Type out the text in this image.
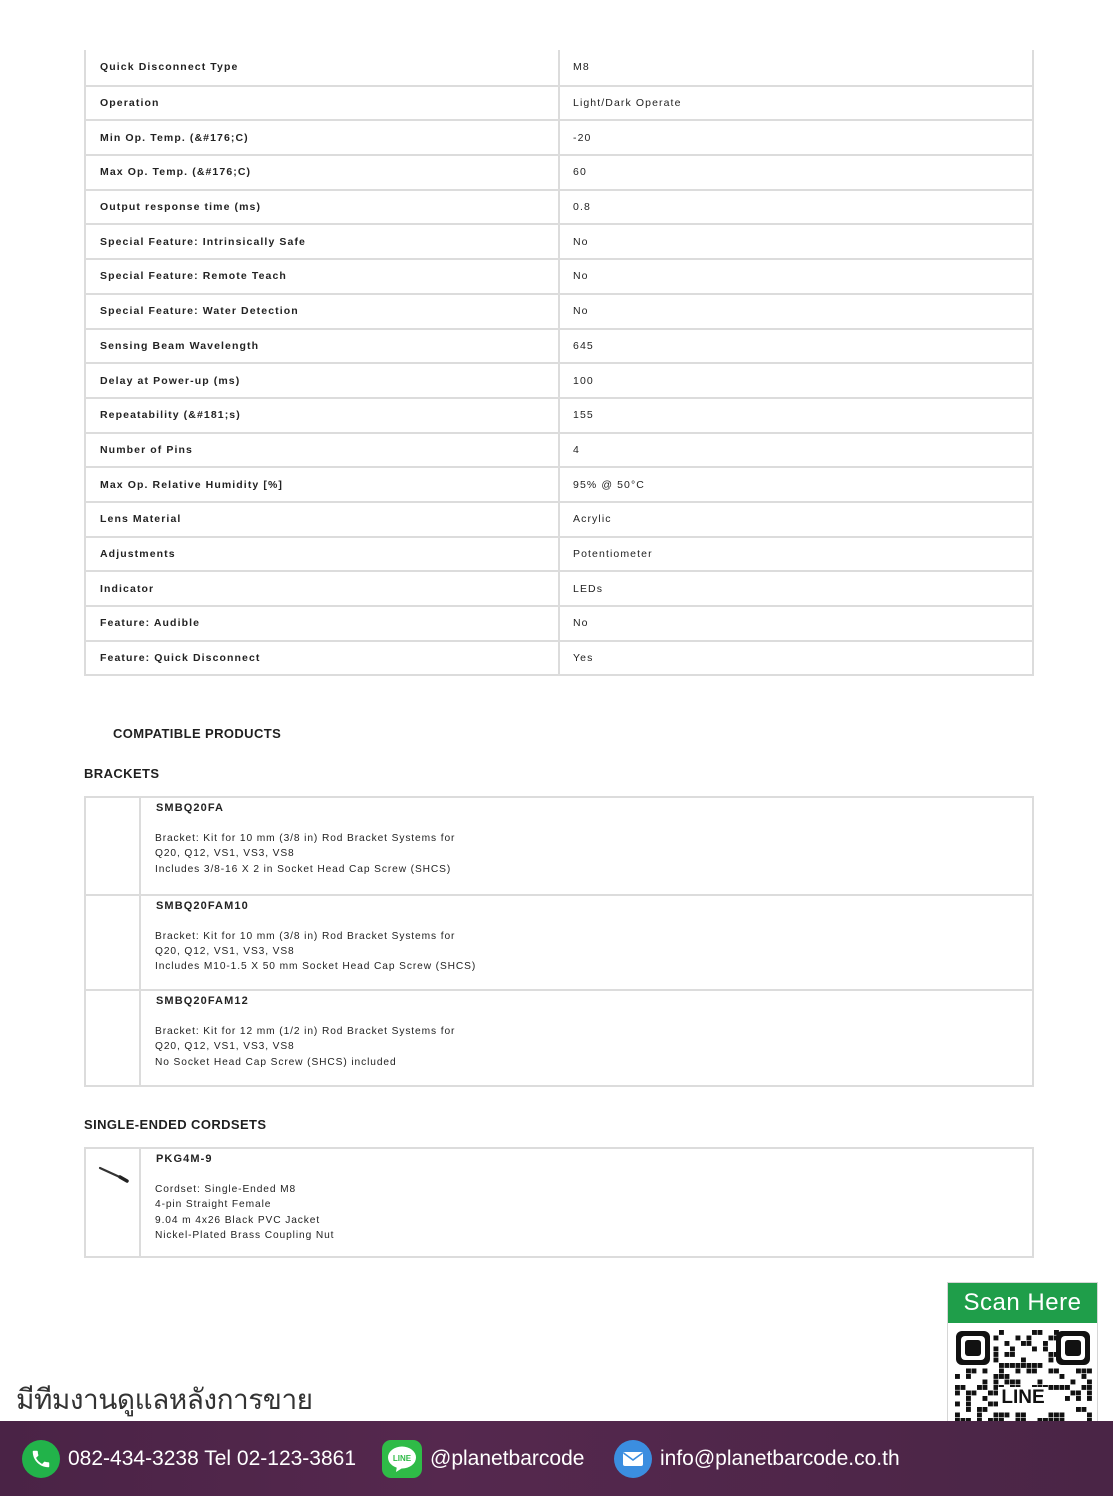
Quick Disconnect Type	M8
Operation	Light/Dark Operate
Min Op. Temp. (&#176;C)	-20
Max Op. Temp. (&#176;C)	60
Output response time (ms)	0.8
Special Feature: Intrinsically Safe	No
Special Feature: Remote Teach	No
Special Feature: Water Detection	No
Sensing Beam Wavelength	645
Delay at Power-up (ms)	100
Repeatability (&#181;s)	155
Number of Pins	4
Max Op. Relative Humidity [%]	95% @ 50°C
Lens Material	Acrylic
Adjustments	Potentiometer
Indicator	LEDs
Feature: Audible	No
Feature: Quick Disconnect	Yes
COMPATIBLE PRODUCTS
BRACKETS
SMBQ20FA
Bracket: Kit for 10 mm (3/8 in) Rod Bracket Systems for
Q20, Q12, VS1, VS3, VS8
Includes 3/8-16 X 2 in Socket Head Cap Screw (SHCS)
SMBQ20FAM10
Bracket: Kit for 10 mm (3/8 in) Rod Bracket Systems for
Q20, Q12, VS1, VS3, VS8
Includes M10-1.5 X 50 mm Socket Head Cap Screw (SHCS)
SMBQ20FAM12
Bracket: Kit for 12 mm (1/2 in) Rod Bracket Systems for
Q20, Q12, VS1, VS3, VS8
No Socket Head Cap Screw (SHCS) included
SINGLE-ENDED CORDSETS
PKG4M-9
Cordset: Single-Ended M8
4-pin Straight Female
9.04 m 4x26 Black PVC Jacket
Nickel-Plated Brass Coupling Nut
มีทีมงานดูแลหลังการขาย
Scan Here
LINE
082-434-3238 Tel 02-123-3861	LINE @planetbarcode	info@planetbarcode.co.th
